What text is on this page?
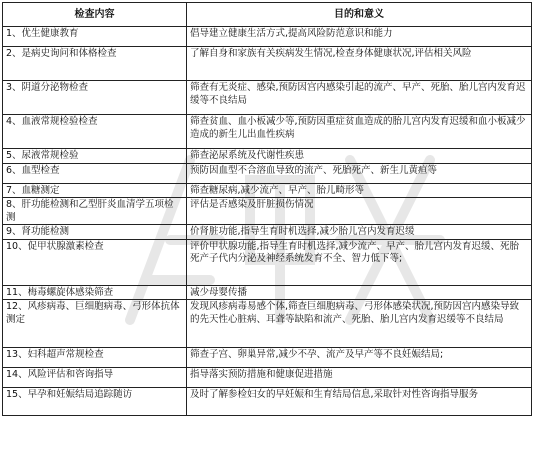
检查内容	目的和意义
1、优生健康教育	倡导建立健康生活方式,提高风险防范意识和能力
2、是病史询问和体格检查	了解自身和家族有关疾病发生情况,检查身体健康状况,评估相关风险
3、阴道分泌物检查	筛查有无炎症、感染,预防因宫内感染引起的流产、早产、死胎、胎儿宫内发育迟缓等不良结局
4、血液常规检验检查	筛查贫血、血小板减少等,预防因重症贫血造成的胎儿宫内发育迟缓和血小板减少造成的新生儿出血性疾病
5、尿液常规检验	筛查泌尿系统及代谢性疾患
6、血型检查	预防因血型不合溶血导致的流产、死胎死产、新生儿黄疸等
7、血糖测定	筛查糖尿病,减少流产、早产、胎儿畸形等
8、肝功能检测和乙型肝炎血清学五项检测	评估是否感染及肝脏损伤情况
9、肾功能检测	价肾脏功能,指导生育时机选择,减少胎儿宫内发育迟缓
10、促甲状腺激素检查	评价甲状腺功能,指导生育时机选择,减少流产、早产、胎儿宫内发育迟缓、死胎死产子代内分泌及神经系统发育不全、智力低下等;
11、梅毒螺旋体感染筛查	减少母婴传播
12、风疹病毒、巨细胞病毒、弓形体抗体测定	发现风疹病毒易感个体,筛查巨细胞病毒、弓形体感染状况,预防因宫内感染导致的先天性心脏病、耳聋等缺陷和流产、死胎、胎儿宫内发育迟缓等不良结局
13、妇科超声常规检查	筛查子宫、卵巢异常,减少不孕、流产及早产等不良妊娠结局;
14、风险评估和咨询指导	指导落实预防措施和健康促进措施
15、早孕和妊娠结局追踪随访	及时了解参检妇女的早妊娠和生育结局信息,采取针对性咨询指导服务
